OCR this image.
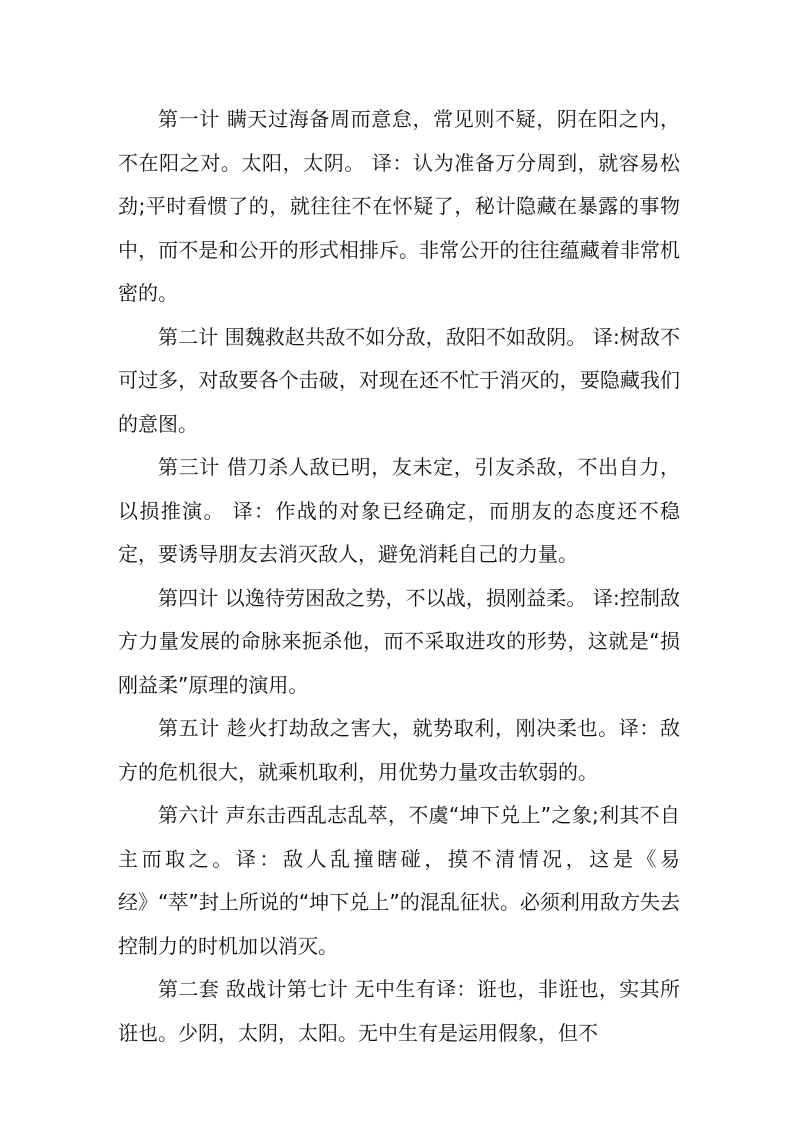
第一计 瞒天过海备周而意怠，常见则不疑，阴在阳之内，不在阳之对。太阳，太阴。 译：认为准备万分周到，就容易松劲;平时看惯了的，就往往不在怀疑了，秘计隐藏在暴露的事物中，而不是和公开的形式相排斥。非常公开的往往蕴藏着非常机密的。

第二计 围魏救赵共敌不如分敌，敌阳不如敌阴。 译:树敌不可过多，对敌要各个击破，对现在还不忙于消灭的，要隐藏我们的意图。

第三计 借刀杀人敌已明，友未定，引友杀敌，不出自力，以损推演。 译：作战的对象已经确定，而朋友的态度还不稳定，要诱导朋友去消灭敌人，避免消耗自己的力量。

第四计 以逸待劳困敌之势，不以战，损刚益柔。 译:控制敌方力量发展的命脉来扼杀他，而不采取进攻的形势，这就是“损刚益柔”原理的演用。

第五计 趁火打劫敌之害大，就势取利，刚决柔也。译：敌方的危机很大，就乘机取利，用优势力量攻击软弱的。

第六计 声东击西乱志乱萃，不虞“坤下兑上”之象;利其不自主而取之。译：敌人乱撞瞎碰，摸不清情况，这是《易经》“萃”封上所说的“坤下兑上”的混乱征状。必须利用敌方失去控制力的时机加以消灭。

第二套 敌战计第七计 无中生有译：诳也，非诳也，实其所诳也。少阴，太阴，太阳。无中生有是运用假象，但不
